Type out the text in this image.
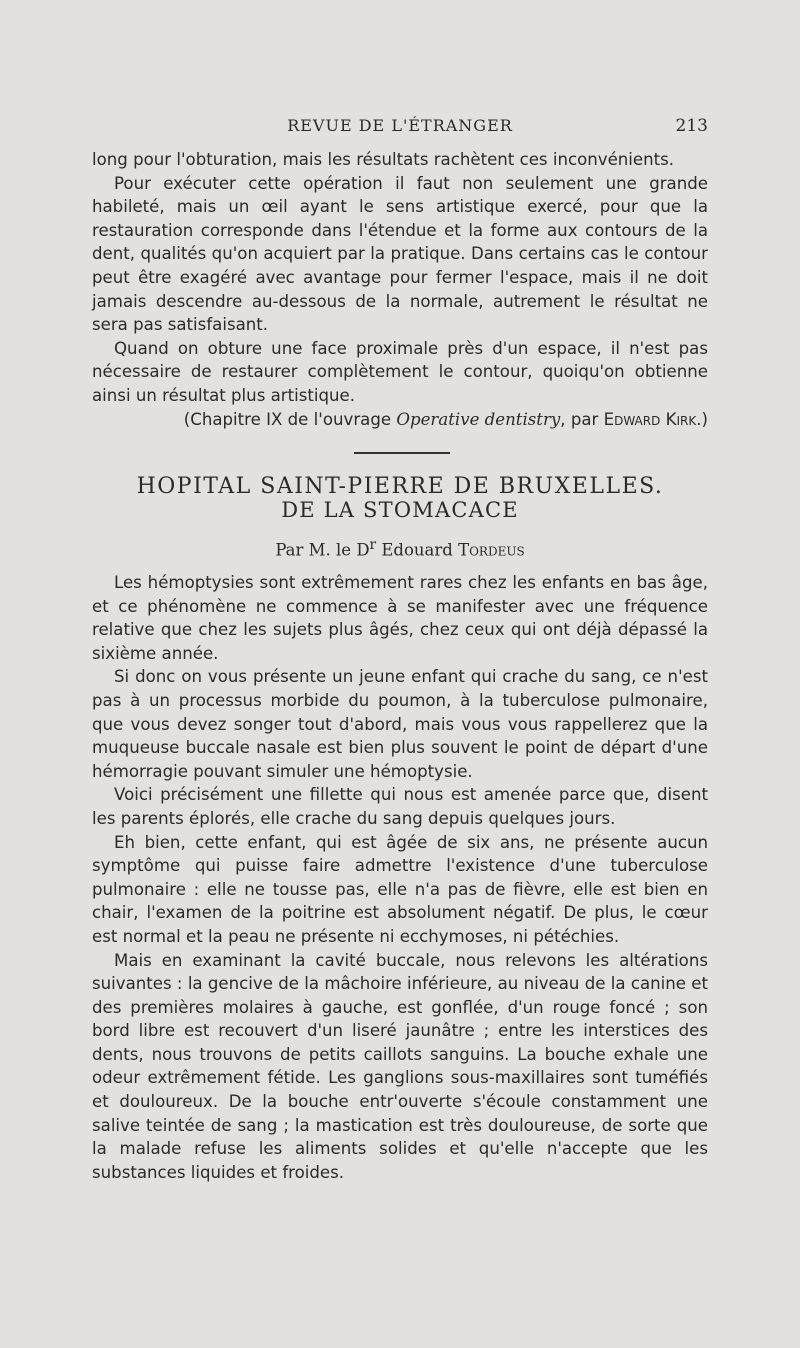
REVUE DE L'ÉTRANGER	213

long pour l'obturation, mais les résultats rachètent ces inconvénients.

Pour exécuter cette opération il faut non seulement une grande habileté, mais un œil ayant le sens artistique exercé, pour que la restauration corresponde dans l'étendue et la forme aux contours de la dent, qualités qu'on acquiert par la pratique. Dans certains cas le contour peut être exagéré avec avantage pour fermer l'espace, mais il ne doit jamais descendre au-dessous de la normale, autrement le résultat ne sera pas satisfaisant.

Quand on obture une face proximale près d'un espace, il n'est pas nécessaire de restaurer complètement le contour, quoiqu'on obtienne ainsi un résultat plus artistique.

(Chapitre IX de l'ouvrage Operative dentistry, par Edward Kirk.)

HOPITAL SAINT-PIERRE DE BRUXELLES.
DE LA STOMACACE
Par M. le $D^r$ Edouard Tordeus

Les hémoptysies sont extrêmement rares chez les enfants en bas âge, et ce phénomène ne commence à se manifester avec une fréquence relative que chez les sujets plus âgés, chez ceux qui ont déjà dépassé la sixième année.

Si donc on vous présente un jeune enfant qui crache du sang, ce n'est pas à un processus morbide du poumon, à la tuberculose pulmonaire, que vous devez songer tout d'abord, mais vous vous rappellerez que la muqueuse buccale nasale est bien plus souvent le point de départ d'une hémorragie pouvant simuler une hémoptysie.

Voici précisément une fillette qui nous est amenée parce que, disent les parents éplorés, elle crache du sang depuis quelques jours.

Eh bien, cette enfant, qui est âgée de six ans, ne présente aucun symptôme qui puisse faire admettre l'existence d'une tuberculose pulmonaire : elle ne tousse pas, elle n'a pas de fièvre, elle est bien en chair, l'examen de la poitrine est absolument négatif. De plus, le cœur est normal et la peau ne présente ni ecchymoses, ni pétéchies.

Mais en examinant la cavité buccale, nous relevons les altérations suivantes : la gencive de la mâchoire inférieure, au niveau de la canine et des premières molaires à gauche, est gonflée, d'un rouge foncé ; son bord libre est recouvert d'un liseré jaunâtre ; entre les interstices des dents, nous trouvons de petits caillots sanguins. La bouche exhale une odeur extrêmement fétide. Les ganglions sous-maxillaires sont tuméfiés et douloureux. De la bouche entr'ouverte s'écoule constamment une salive teintée de sang ; la mastication est très douloureuse, de sorte que la malade refuse les aliments solides et qu'elle n'accepte que les substances liquides et froides.
